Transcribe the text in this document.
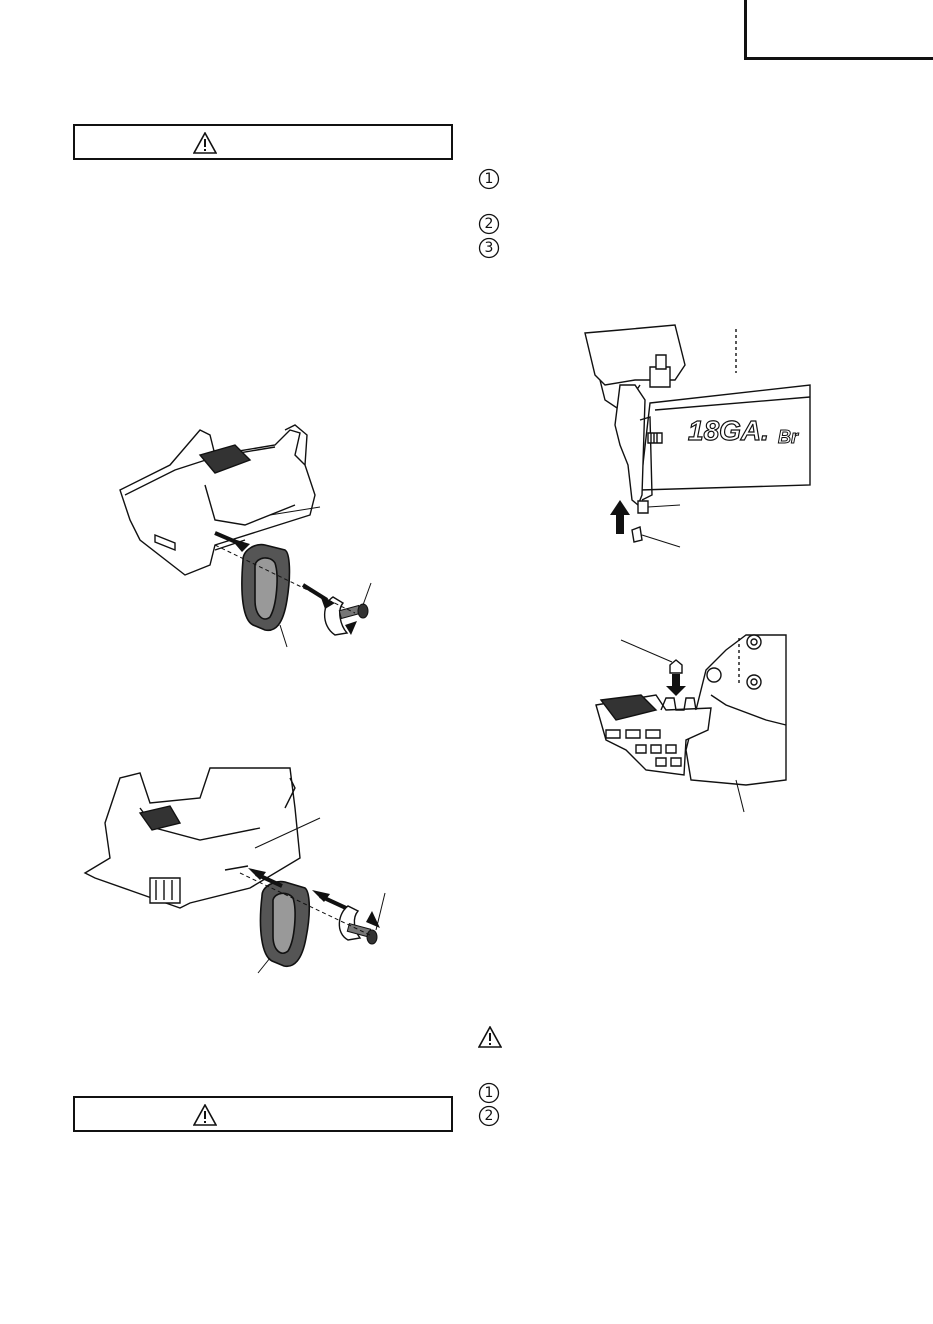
1
2
3
1
2
18GA. Br
